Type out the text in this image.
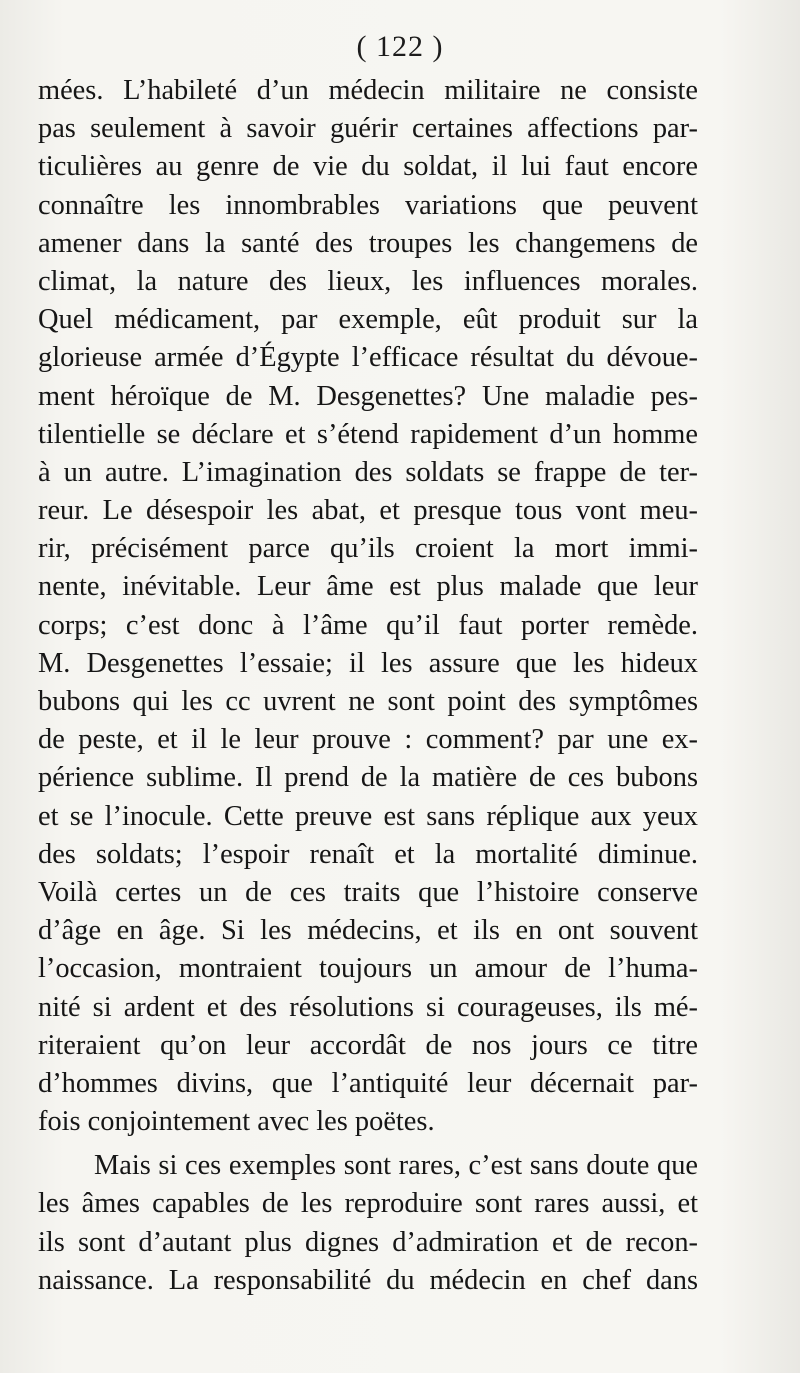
( 122 )
mées. L’habileté d’un médecin militaire ne consiste
pas seulement à savoir guérir certaines affections par-
ticulières au genre de vie du soldat, il lui faut encore
connaître les innombrables variations que peuvent
amener dans la santé des troupes les changemens de
climat, la nature des lieux, les influences morales.
Quel médicament, par exemple, eût produit sur la
glorieuse armée d’Égypte l’efficace résultat du dévoue-
ment héroïque de M. Desgenettes? Une maladie pes-
tilentielle se déclare et s’étend rapidement d’un homme
à un autre. L’imagination des soldats se frappe de ter-
reur. Le désespoir les abat, et presque tous vont meu-
rir, précisément parce qu’ils croient la mort immi-
nente, inévitable. Leur âme est plus malade que leur
corps; c’est donc à l’âme qu’il faut porter remède.
M. Desgenettes l’essaie; il les assure que les hideux
bubons qui les cc uvrent ne sont point des symptômes
de peste, et il le leur prouve : comment? par une ex-
périence sublime. Il prend de la matière de ces bubons
et se l’inocule. Cette preuve est sans réplique aux yeux
des soldats; l’espoir renaît et la mortalité diminue.
Voilà certes un de ces traits que l’histoire conserve
d’âge en âge. Si les médecins, et ils en ont souvent
l’occasion, montraient toujours un amour de l’huma-
nité si ardent et des résolutions si courageuses, ils mé-
riteraient qu’on leur accordât de nos jours ce titre
d’hommes divins, que l’antiquité leur décernait par-
fois conjointement avec les poëtes.
Mais si ces exemples sont rares, c’est sans doute que
les âmes capables de les reproduire sont rares aussi, et
ils sont d’autant plus dignes d’admiration et de recon-
naissance. La responsabilité du médecin en chef dans
